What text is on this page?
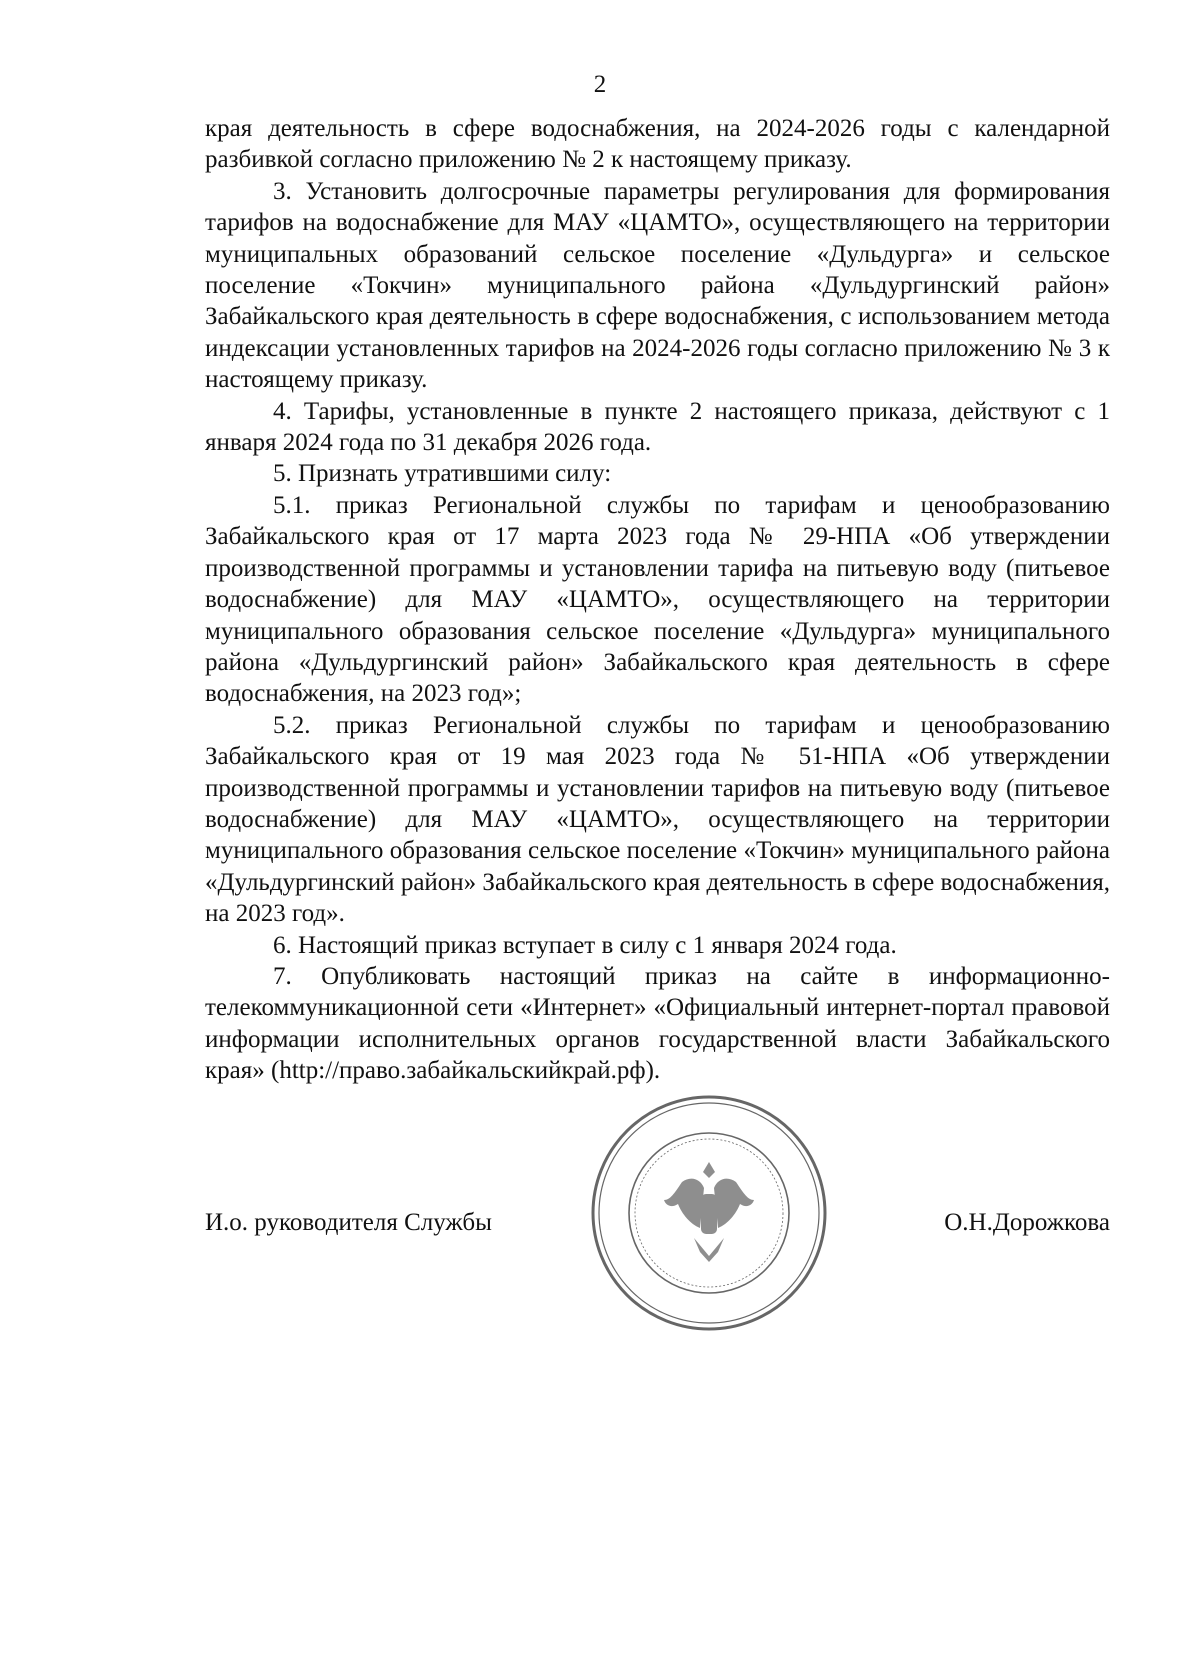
2

края деятельность в сфере водоснабжения, на 2024-2026 годы с календарной разбивкой согласно приложению № 2 к настоящему приказу.

3. Установить долгосрочные параметры регулирования для формирования тарифов на водоснабжение для МАУ «ЦАМТО», осуществляющего на территории муниципальных образований сельское поселение «Дульдурга» и сельское поселение «Токчин» муниципального района «Дульдургинский район» Забайкальского края деятельность в сфере водоснабжения, с использованием метода индексации установленных тарифов на 2024-2026 годы согласно приложению № 3 к настоящему приказу.

4. Тарифы, установленные в пункте 2 настоящего приказа, действуют с 1 января 2024 года по 31 декабря 2026 года.

5. Признать утратившими силу:

5.1. приказ Региональной службы по тарифам и ценообразованию Забайкальского края от 17 марта 2023 года № 29-НПА «Об утверждении производственной программы и установлении тарифа на питьевую воду (питьевое водоснабжение) для МАУ «ЦАМТО», осуществляющего на территории муниципального образования сельское поселение «Дульдурга» муниципального района «Дульдургинский район» Забайкальского края деятельность в сфере водоснабжения, на 2023 год»;

5.2. приказ Региональной службы по тарифам и ценообразованию Забайкальского края от 19 мая 2023 года № 51-НПА «Об утверждении производственной программы и установлении тарифов на питьевую воду (питьевое водоснабжение) для МАУ «ЦАМТО», осуществляющего на территории муниципального образования сельское поселение «Токчин» муниципального района «Дульдургинский район» Забайкальского края деятельность в сфере водоснабжения, на 2023 год».

6. Настоящий приказ вступает в силу с 1 января 2024 года.

7. Опубликовать настоящий приказ на сайте в информационно-телекоммуникационной сети «Интернет» «Официальный интернет-портал правовой информации исполнительных органов государственной власти Забайкальского края» (http://право.забайкальскийкрай.рф).

И.о. руководителя Службы	О.Н.Дорожкова
